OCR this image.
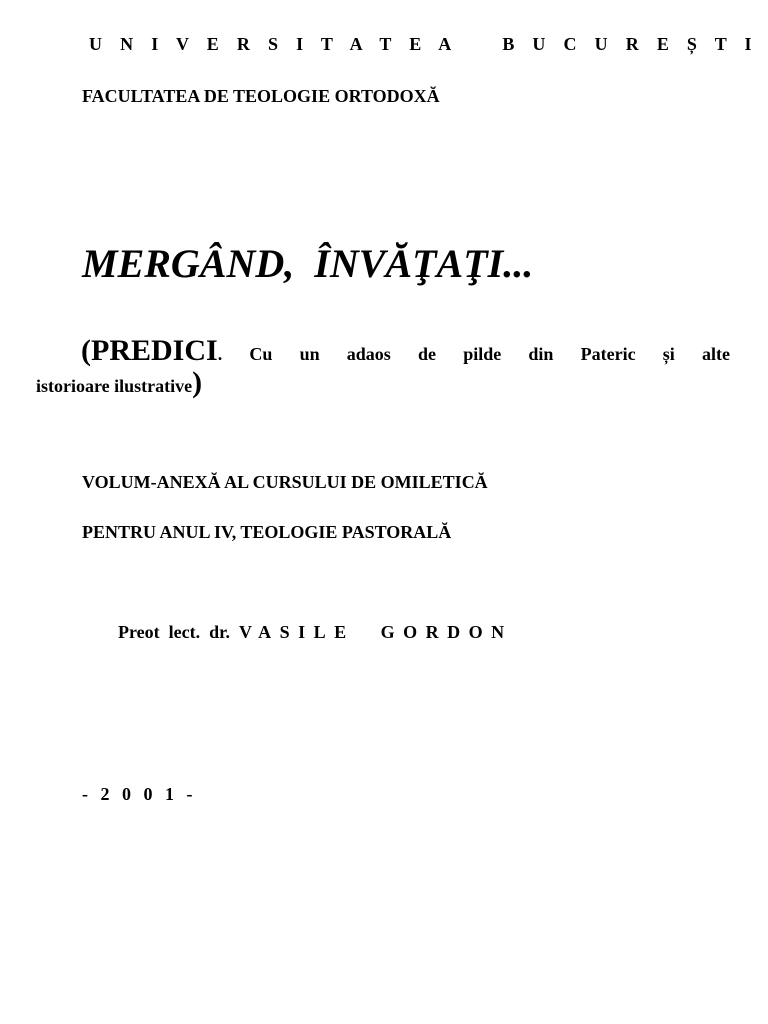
U N I V E R S I T A T E A    B U C U R E Ș T I
FACULTATEA DE TEOLOGIE ORTODOXĂ
MERGÂND,  ÎNVĂŢAŢI...
(PREDICI. Cu un adaos de pilde din Pateric și alte
istorioare ilustrative)
VOLUM-ANEXĂ AL CURSULUI DE OMILETICĂ
PENTRU ANUL IV, TEOLOGIE PASTORALĂ
Preot  lect.  dr.  VASILE  GORDON
- 2 0 0 1 -
